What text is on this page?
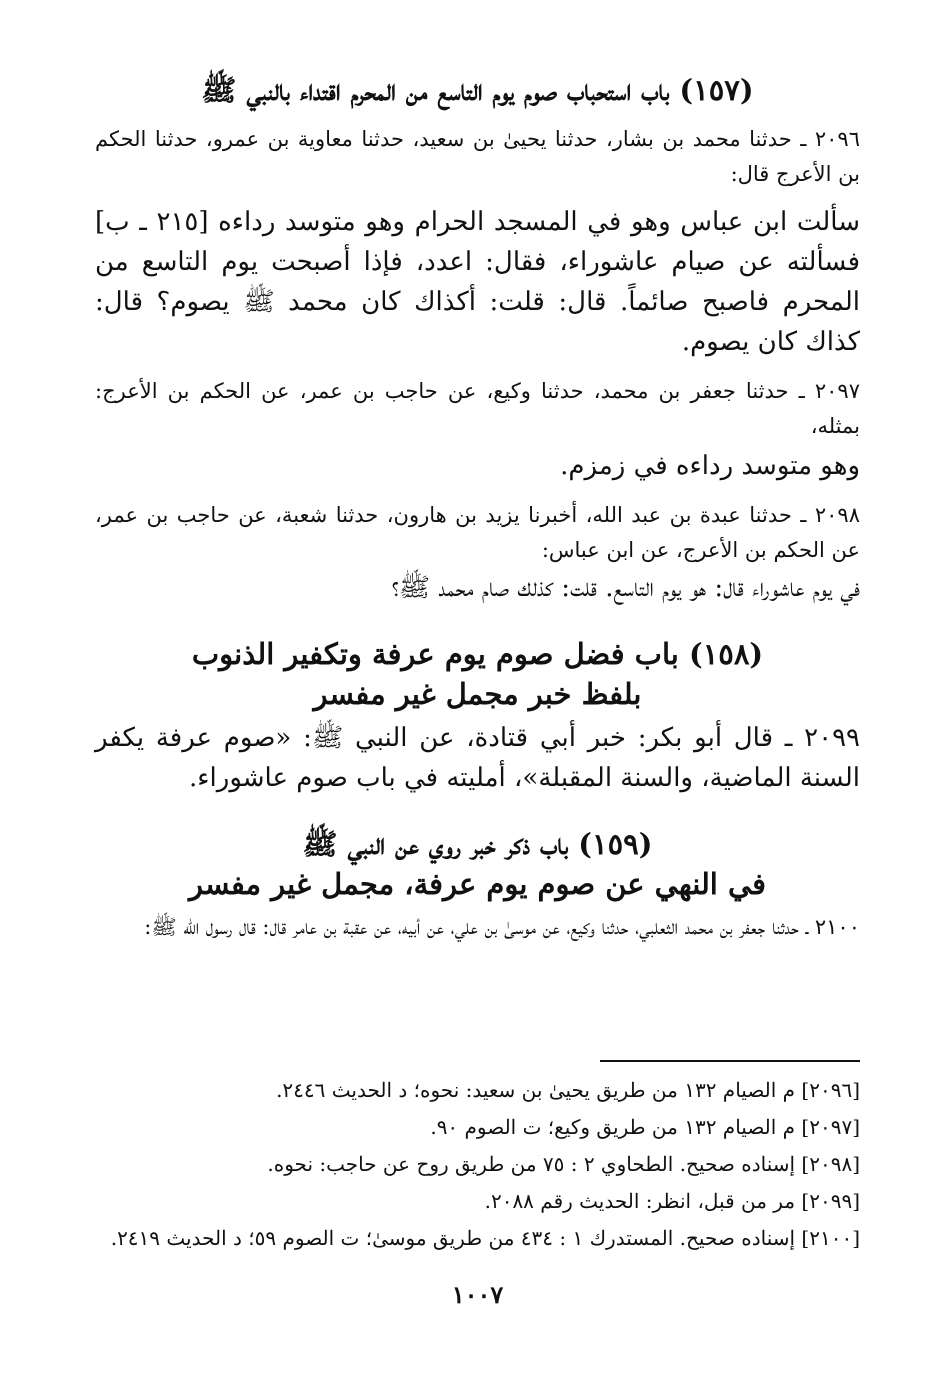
(١٥٧) باب استحباب صوم يوم التاسع من المحرم اقتداء بالنبي ﷺ

٢٠٩٦ ـ حدثنا محمد بن بشار، حدثنا يحيىٰ بن سعيد، حدثنا معاوية بن عمرو، حدثنا الحكم بن الأعرج قال:

سألت ابن عباس وهو في المسجد الحرام وهو متوسد رداءه [٢١٥ ـ ب] فسألته عن صيام عاشوراء، فقال: اعدد، فإذا أصبحت يوم التاسع من المحرم فاصبح صائماً. قال: قلت: أكذاك كان محمد ﷺ يصوم؟ قال: كذاك كان يصوم.

٢٠٩٧ ـ حدثنا جعفر بن محمد، حدثنا وكيع، عن حاجب بن عمر، عن الحكم بن الأعرج: بمثله،

وهو متوسد رداءه في زمزم.

٢٠٩٨ ـ حدثنا عبدة بن عبد الله، أخبرنا يزيد بن هارون، حدثنا شعبة، عن حاجب بن عمر، عن الحكم بن الأعرج، عن ابن عباس:

في يوم عاشوراء قال: هو يوم التاسع. قلت: كذلك صام محمد ﷺ؟

(١٥٨) باب فضل صوم يوم عرفة وتكفير الذنوب
بلفظ خبر مجمل غير مفسر

٢٠٩٩ ـ قال أبو بكر: خبر أبي قتادة، عن النبي ﷺ: «صوم عرفة يكفر السنة الماضية، والسنة المقبلة»، أمليته في باب صوم عاشوراء.

(١٥٩) باب ذكر خبر روي عن النبي ﷺ
في النهي عن صوم يوم عرفة، مجمل غير مفسر

٢١٠٠ ـ حدثنا جعفر بن محمد الثعلبي، حدثنا وكيع، عن موسىٰ بن علي، عن أبيه، عن عقبة بن عامر قال: قال رسول الله ﷺ:

[٢٠٩٦] م الصيام ١٣٢ من طريق يحيىٰ بن سعيد: نحوه؛ د الحديث ٢٤٤٦.

[٢٠٩٧] م الصيام ١٣٢ من طريق وكيع؛ ت الصوم ٩٠.

[٢٠٩٨] إسناده صحيح. الطحاوي ٢ : ٧٥ من طريق روح عن حاجب: نحوه.

[٢٠٩٩] مر من قبل، انظر: الحديث رقم ٢٠٨٨.

[٢١٠٠] إسناده صحيح. المستدرك ١ : ٤٣٤ من طريق موسىٰ؛ ت الصوم ٥٩؛ د الحديث ٢٤١٩.

١٠٠٧
